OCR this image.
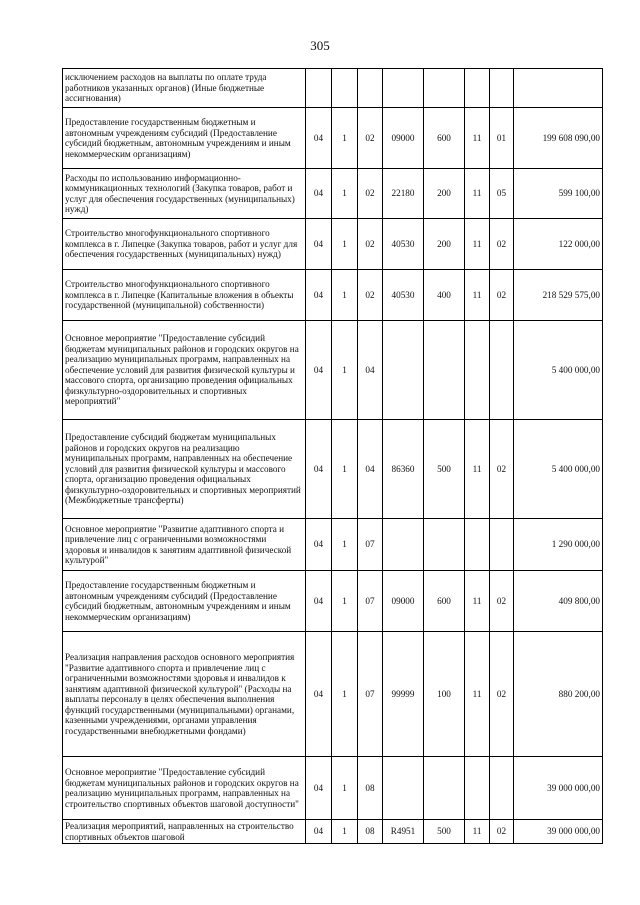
305
исключением расходов на выплаты по оплате труда работников указанных органов) (Иные бюджетные ассигнования)								
Предоставление государственным бюджетным и автономным учреждениям субсидий (Предоставление субсидий бюджетным, автономным учреждениям и иным некоммерческим организациям)	04	1	02	09000	600	11	01	199 608 090,00
Расходы по использованию информационно-коммуникационных технологий (Закупка товаров, работ и услуг для обеспечения государственных (муниципальных) нужд)	04	1	02	22180	200	11	05	599 100,00
Строительство многофункционального спортивного комплекса в г. Липецке (Закупка товаров, работ и услуг для обеспечения государственных (муниципальных) нужд)	04	1	02	40530	200	11	02	122 000,00
Строительство многофункционального спортивного комплекса в г. Липецке (Капитальные вложения в объекты государственной (муниципальной) собственности)	04	1	02	40530	400	11	02	218 529 575,00
Основное мероприятие "Предоставление субсидий бюджетам муниципальных районов и городских округов на реализацию муниципальных программ, направленных на обеспечение условий для развития физической культуры и массового спорта, организацию проведения официальных физкультурно-оздоровительных и спортивных мероприятий"	04	1	04					5 400 000,00
Предоставление субсидий бюджетам муниципальных районов и городских округов на реализацию муниципальных программ, направленных на обеспечение условий для развития физической культуры и массового спорта, организацию проведения официальных физкультурно-оздоровительных и спортивных мероприятий (Межбюджетные трансферты)	04	1	04	86360	500	11	02	5 400 000,00
Основное мероприятие "Развитие адаптивного спорта и привлечение лиц с ограниченными возможностями здоровья и инвалидов к занятиям адаптивной физической культурой"	04	1	07					1 290 000,00
Предоставление государственным бюджетным и автономным учреждениям субсидий (Предоставление субсидий бюджетным, автономным учреждениям и иным некоммерческим организациям)	04	1	07	09000	600	11	02	409 800,00
Реализация направления расходов основного мероприятия "Развитие адаптивного спорта и привлечение лиц с ограниченными возможностями здоровья и инвалидов к занятиям адаптивной физической культурой" (Расходы на выплаты персоналу в целях обеспечения выполнения функций государственными (муниципальными) органами, казенными учреждениями, органами управления государственными внебюджетными фондами)	04	1	07	99999	100	11	02	880 200,00
Основное мероприятие "Предоставление субсидий бюджетам муниципальных районов и городских округов на реализацию муниципальных программ, направленных на строительство спортивных объектов шаговой доступности"	04	1	08					39 000 000,00
Реализация мероприятий, направленных на строительство спортивных объектов шаговой	04	1	08	R4951	500	11	02	39 000 000,00
